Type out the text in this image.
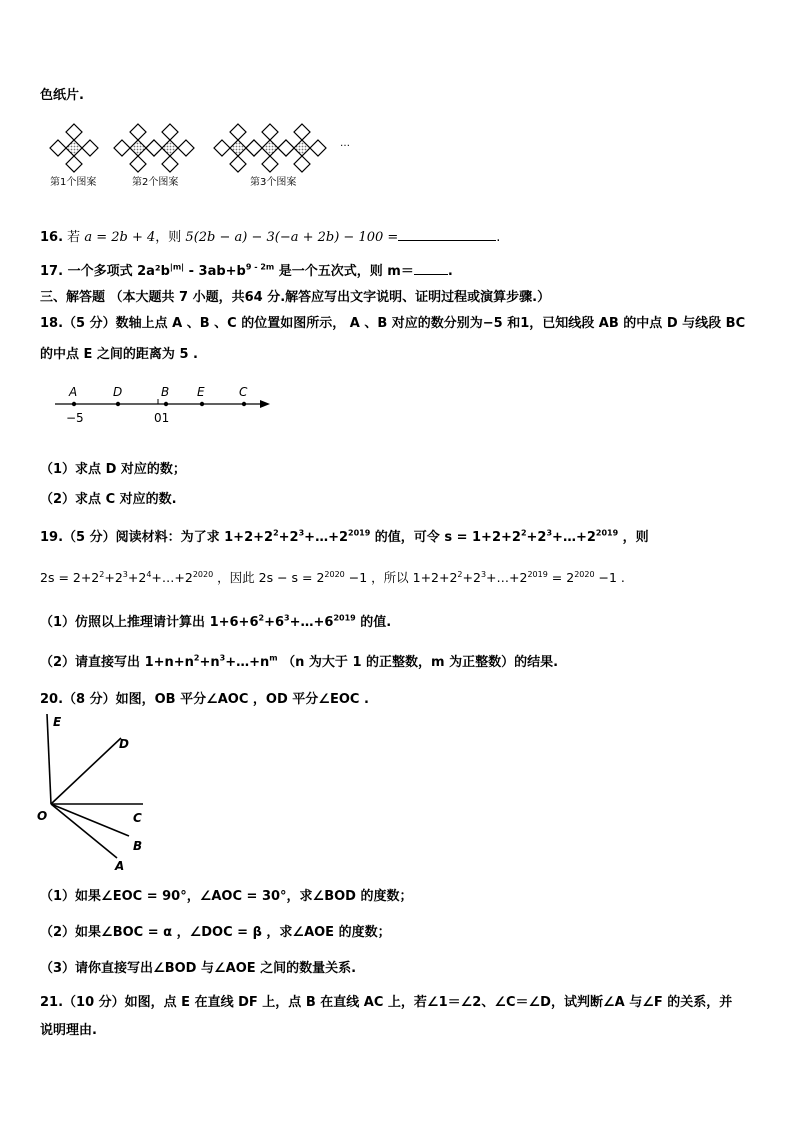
色纸片.
第1个图案	第2个图案	第3个图案
…
16. 若 a = 2b + 4，则 5(2b − a) − 3(−a + 2b) − 100 =	.
17. 一个多项式 $2a^2b^{|m|} - 3ab+b^{9 - 2m}$ 是一个五次式，则 m＝	.
三、解答题 （本大题共 7 小题，共64 分.解答应写出文字说明、证明过程或演算步骤.）
18.（5 分）数轴上点 A 、B 、C 的位置如图所示， A 、B 对应的数分别为−5 和1，已知线段 AB 的中点 D 与线段 BC
的中点 E 之间的距离为 5 .
A	D	B E	C
−5	01
（1）求点 D 对应的数；
（2）求点 C 对应的数.
19.（5 分）阅读材料：为了求 $1+2+2^2+2^3+\dots+2^{2019}$ 的值，可令 $s = 1+2+2^2+2^3+\dots+2^{2019}$ ，则
$2s = 2+2^2+2^3+2^4+\dots+2^{2020}$ ，因此 $2s - s = 2^{2020} -1$ ，所以 $1+2+2^2+2^3+\dots+2^{2019} = 2^{2020} -1$ .
（1）仿照以上推理请计算出 $1+6+6^2+6^3+\dots+6^{2019}$ 的值.
（2）请直接写出 $1+n+n^2+n^3+\dots+n^m$ （n 为大于 1 的正整数，m 为正整数）的结果.
20.（8 分）如图，OB 平分∠AOC ，OD 平分∠EOC .
E
D
O	C
B
A
（1）如果∠EOC = 90°，∠AOC = 30°，求∠BOD 的度数；
（2）如果∠BOC = α ，∠DOC = β ，求∠AOE 的度数；
（3）请你直接写出∠BOD 与∠AOE 之间的数量关系.
21.（10 分）如图，点 E 在直线 DF 上，点 B 在直线 AC 上，若∠1＝∠2、∠C＝∠D，试判断∠A 与∠F 的关系，并
说明理由.
